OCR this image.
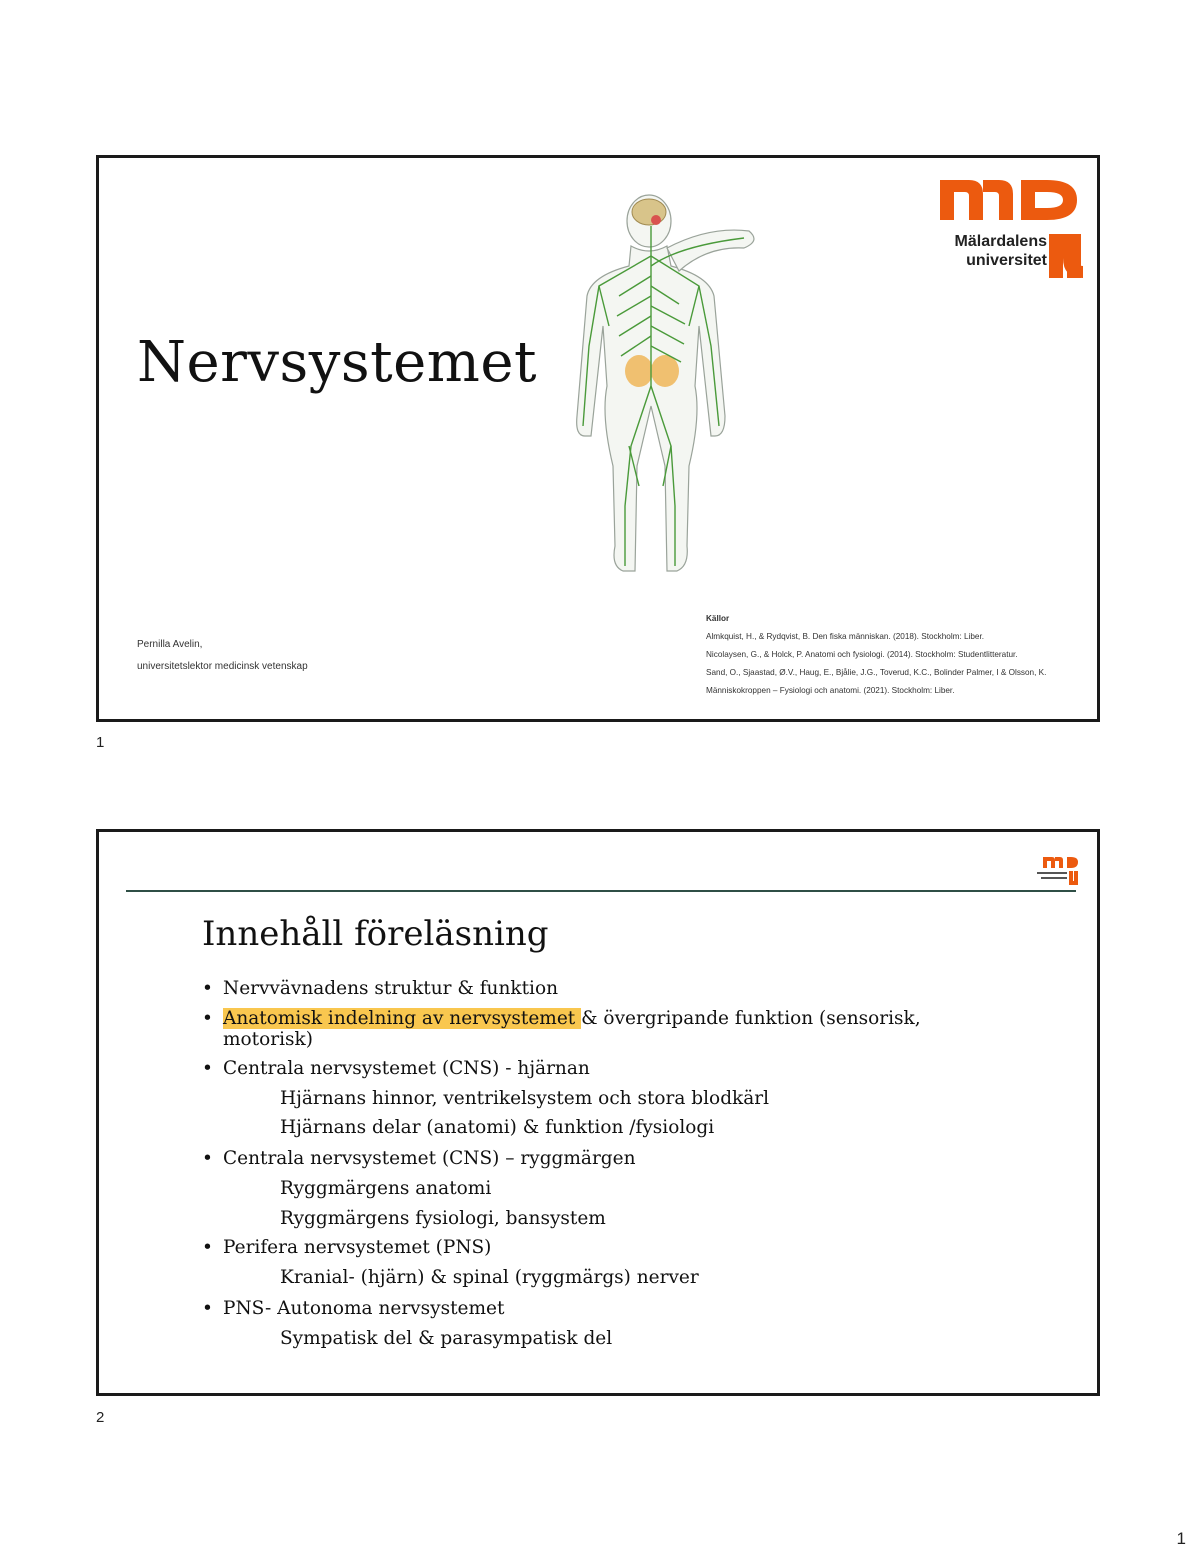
Nervsystemet
Mälardalens universitet
Pernilla Avelin,
universitetslektor medicinsk vetenskap
Källor
Almkquist, H., & Rydqvist, B. Den fiska människan. (2018). Stockholm: Liber.
Nicolaysen, G., & Holck, P. Anatomi och fysiologi. (2014). Stockholm: Studentlitteratur.
Sand, O., Sjaastad, Ø.V., Haug, E., Bjålie, J.G., Toverud, K.C., Bolinder Palmer, I & Olsson, K.
Människokroppen – Fysiologi och anatomi. (2021). Stockholm: Liber.
1
Innehåll föreläsning
• Nervvävnadens struktur & funktion
• Anatomisk indelning av nervsystemet & övergripande funktion (sensorisk,
motorisk)
• Centrala nervsystemet (CNS) - hjärnan
Hjärnans hinnor, ventrikelsystem och stora blodkärl
Hjärnans delar (anatomi) & funktion /fysiologi
• Centrala nervsystemet (CNS) – ryggmärgen
Ryggmärgens anatomi
Ryggmärgens fysiologi, bansystem
• Perifera nervsystemet (PNS)
Kranial- (hjärn) & spinal (ryggmärgs) nerver
• PNS- Autonoma nervsystemet
Sympatisk del & parasympatisk del
2
1
